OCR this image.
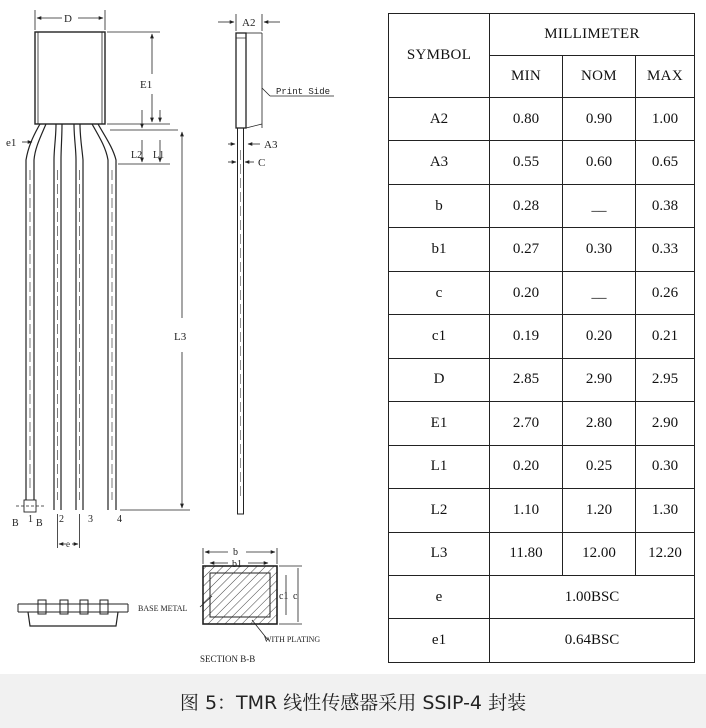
D
E1
e1
L2 L1
L3
A2
A3
C
Print Side
B 1 B 2 3 4
e
b
b1
c1 c
BASE METAL
WITH PLATING
SECTION B-B
SYMBOL	MILLIMETER		
	MIN	NOM	MAX
A2	0.80	0.90	1.00
A3	0.55	0.60	0.65
b	0.28	__	0.38
b1	0.27	0.30	0.33
c	0.20	__	0.26
c1	0.19	0.20	0.21
D	2.85	2.90	2.95
E1	2.70	2.80	2.90
L1	0.20	0.25	0.30
L2	1.10	1.20	1.30
L3	11.80	12.00	12.20
e	1.00BSC		
e1	0.64BSC		
图 5：TMR 线性传感器采用 SSIP-4 封装
